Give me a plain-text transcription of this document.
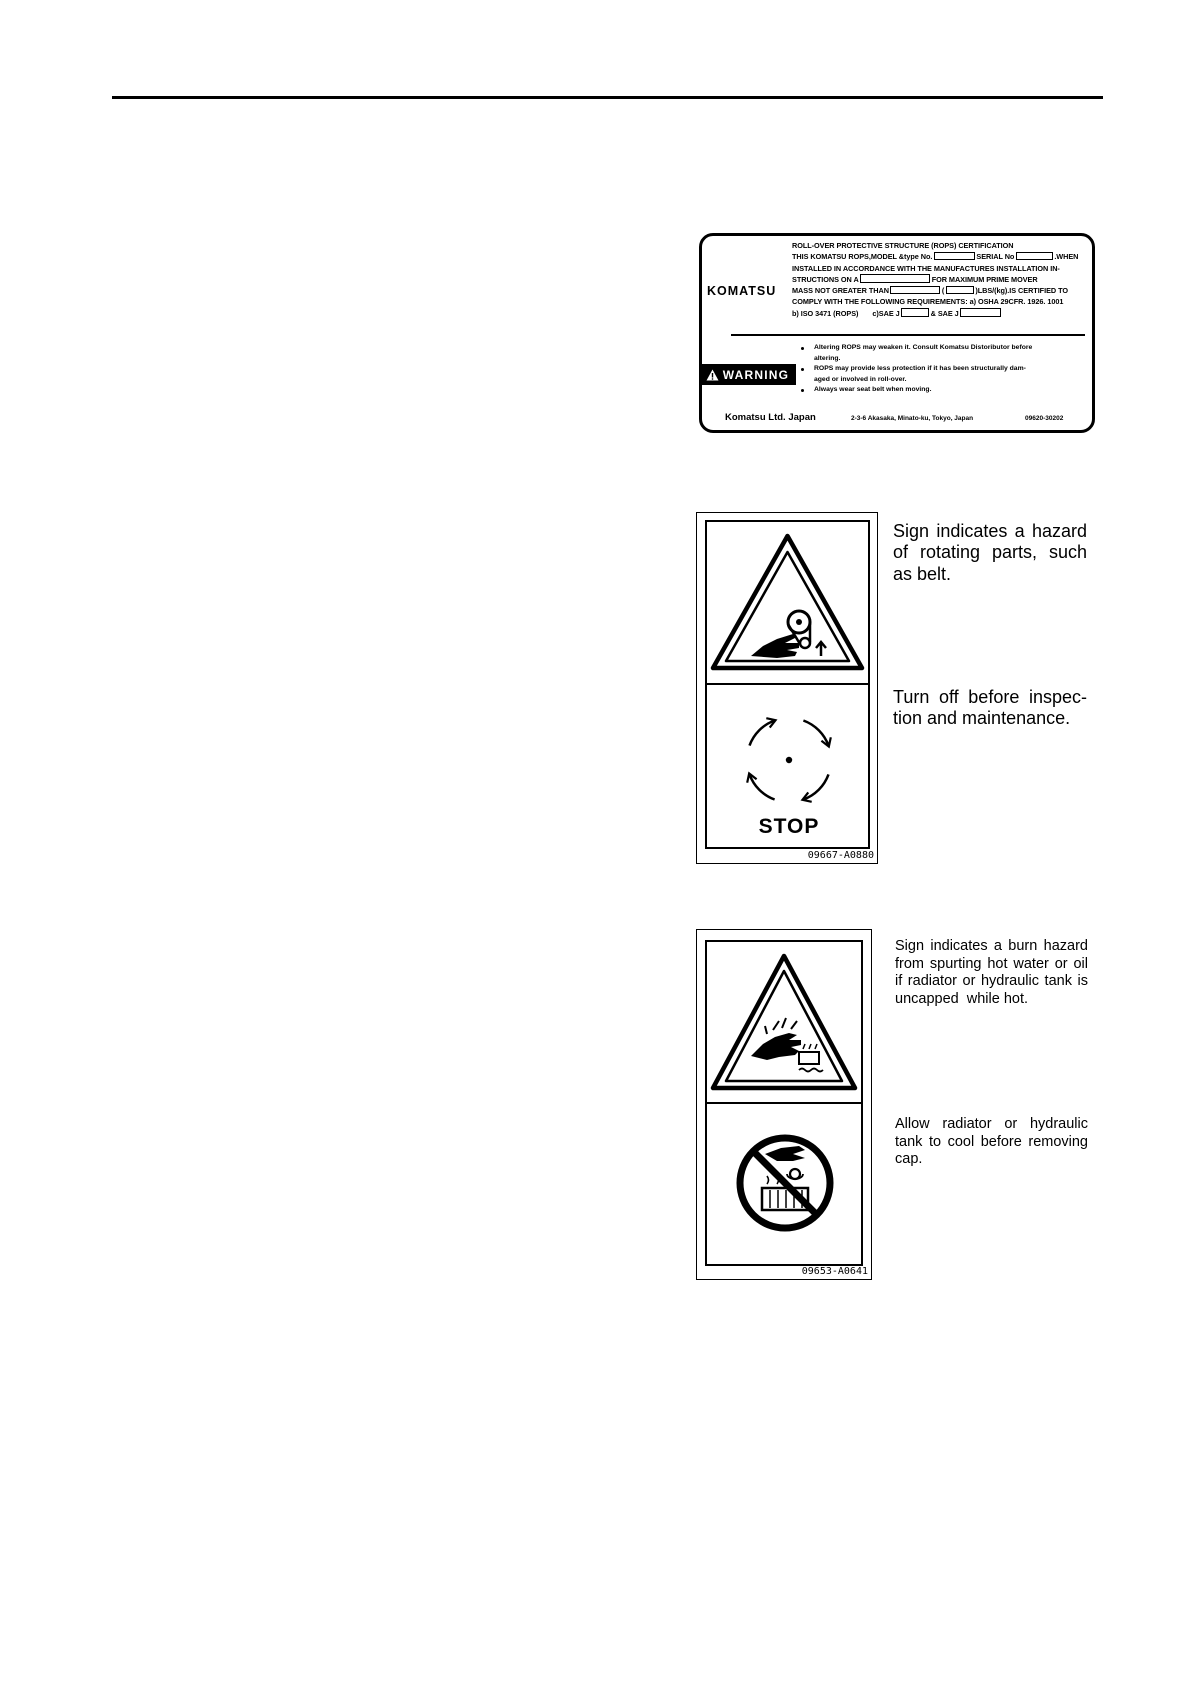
KOMATSU
ROLL-OVER PROTECTIVE STRUCTURE (ROPS) CERTIFICATION
THIS KOMATSU ROPS,MODEL &type No.	SERIAL No	.WHEN
INSTALLED IN ACCORDANCE WITH THE MANUFACTURES INSTALLATION IN-
STRUCTIONS ON A	FOR MAXIMUM PRIME MOVER
MASS NOT GREATER THAN	(	)LBS/(kg).IS CERTIFIED TO
COMPLY WITH THE FOLLOWING REQUIREMENTS: a) OSHA 29CFR. 1926. 1001
b) ISO 3471 (ROPS) c)SAE J	& SAE J
WARNING
Altering ROPS may weaken it. Consult Komatsu Distoributor before
altering.
ROPS may provide less protection if it has been structurally dam-
aged or involved in roll-over.
Always wear seat belt when moving.
Komatsu Ltd. Japan	2-3-6 Akasaka, Minato-ku, Tokyo, Japan	09620-30202
STOP
09667-A0880
Sign indicates a hazard
of rotating parts, such
as belt.
Turn off before inspec-
tion and maintenance.
09653-A0641
Sign indicates a burn hazard
from spurting hot water or oil
if radiator or hydraulic tank is
uncapped  while hot.
Allow radiator or hydraulic
tank to cool before removing
cap.
